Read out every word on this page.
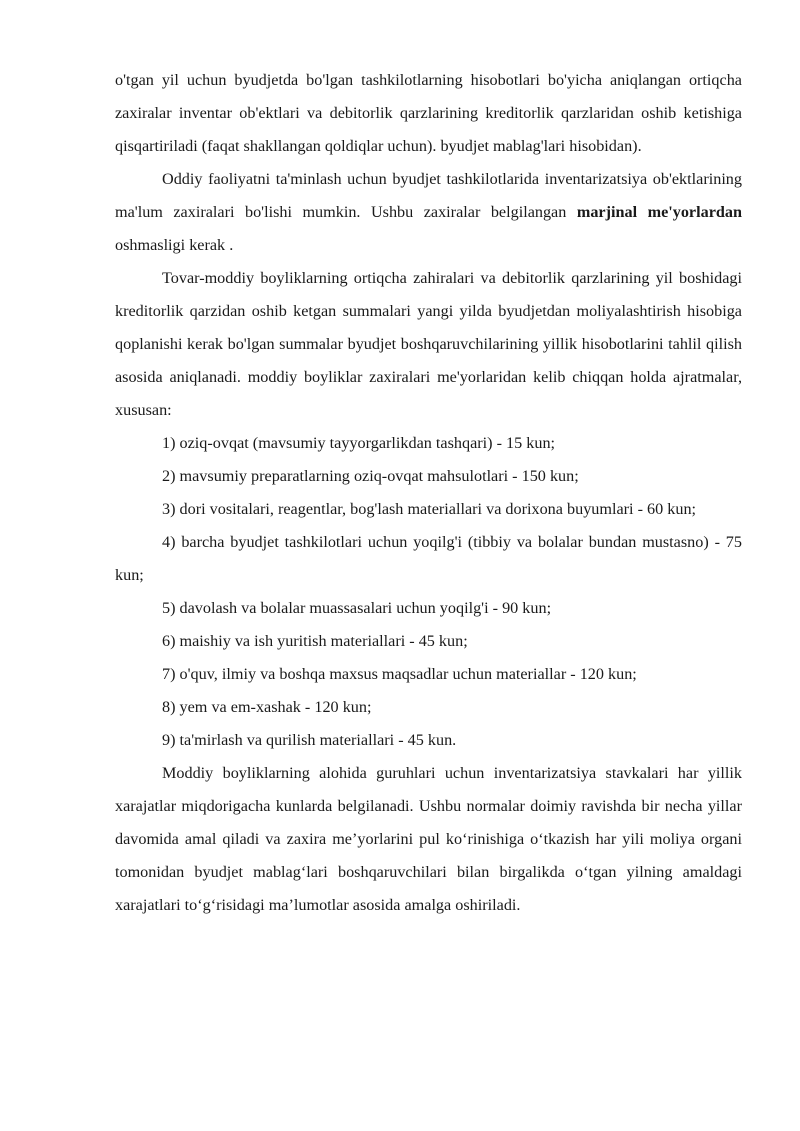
o'tgan yil uchun byudjetda bo'lgan tashkilotlarning hisobotlari bo'yicha aniqlangan ortiqcha zaxiralar inventar ob'ektlari va debitorlik qarzlarining kreditorlik qarzlaridan oshib ketishiga qisqartiriladi (faqat shakllangan qoldiqlar uchun). byudjet mablag'lari hisobidan).

Oddiy faoliyatni ta'minlash uchun byudjet tashkilotlarida inventarizatsiya ob'ektlarining ma'lum zaxiralari bo'lishi mumkin. Ushbu zaxiralar belgilangan marjinal me'yorlardan oshmasligi kerak .

Tovar-moddiy boyliklarning ortiqcha zahiralari va debitorlik qarzlarining yil boshidagi kreditorlik qarzidan oshib ketgan summalari yangi yilda byudjetdan moliyalashtirish hisobiga qoplanishi kerak bo'lgan summalar byudjet boshqaruvchilarining yillik hisobotlarini tahlil qilish asosida aniqlanadi. moddiy boyliklar zaxiralari me'yorlaridan kelib chiqqan holda ajratmalar, xususan:

1) oziq-ovqat (mavsumiy tayyorgarlikdan tashqari) - 15 kun;

2) mavsumiy preparatlarning oziq-ovqat mahsulotlari - 150 kun;

3) dori vositalari, reagentlar, bog'lash materiallari va dorixona buyumlari - 60 kun;

4) barcha byudjet tashkilotlari uchun yoqilg'i (tibbiy va bolalar bundan mustasno) - 75 kun;

5) davolash va bolalar muassasalari uchun yoqilg'i - 90 kun;

6) maishiy va ish yuritish materiallari - 45 kun;

7) o'quv, ilmiy va boshqa maxsus maqsadlar uchun materiallar - 120 kun;

8) yem va em-xashak - 120 kun;

9) ta'mirlash va qurilish materiallari - 45 kun.

Moddiy boyliklarning alohida guruhlari uchun inventarizatsiya stavkalari har yillik xarajatlar miqdorigacha kunlarda belgilanadi. Ushbu normalar doimiy ravishda bir necha yillar davomida amal qiladi va zaxira me’yorlarini pul ko‘rinishiga o‘tkazish har yili moliya organi tomonidan byudjet mablag‘lari boshqaruvchilari bilan birgalikda o‘tgan yilning amaldagi xarajatlari to‘g‘risidagi ma’lumotlar asosida amalga oshiriladi.
